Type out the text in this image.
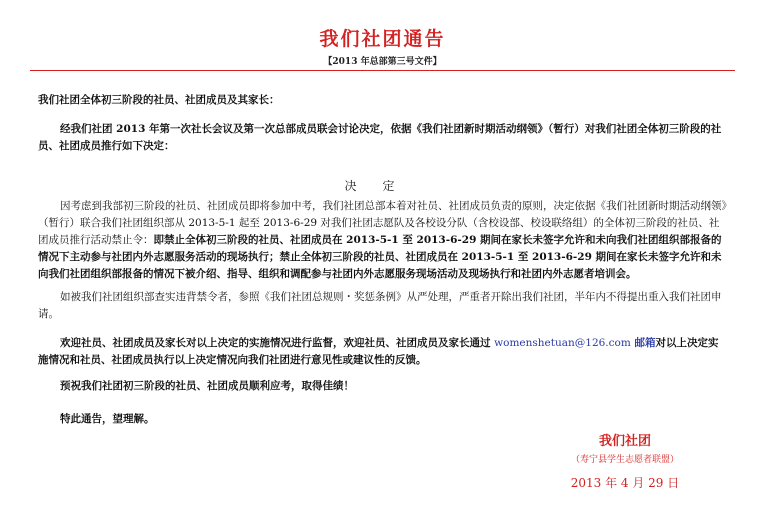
我们社团通告
【2013 年总部第三号文件】
我们社团全体初三阶段的社员、社团成员及其家长：
经我们社团 2013 年第一次社长会议及第一次总部成员联会讨论决定，依据《我们社团新时期活动纲领》（暂行）对我们社团全体初三阶段的社员、社团成员推行如下决定：
决定
因考虑到我部初三阶段的社员、社团成员即将参加中考，我们社团总部本着对社员、社团成员负责的原则，决定依据《我们社团新时期活动纲领》（暂行）联合我们社团组织部从 2013-5-1 起至 2013-6-29 对我们社团志愿队及各校设分队（含校设部、校设联络组）的全体初三阶段的社员、社团成员推行活动禁止令：即禁止全体初三阶段的社员、社团成员在 2013-5-1 至 2013-6-29 期间在家长未签字允许和未向我们社团组织部报备的情况下主动参与社团内外志愿服务活动的现场执行；禁止全体初三阶段的社员、社团成员在 2013-5-1 至 2013-6-29 期间在家长未签字允许和未向我们社团组织部报备的情况下被介绍、指导、组织和调配参与社团内外志愿服务现场活动及现场执行和社团内外志愿者培训会。
如被我们社团组织部查实违背禁令者，参照《我们社团总规则・奖惩条例》从严处理，严重者开除出我们社团，半年内不得提出重入我们社团申请。
欢迎社员、社团成员及家长对以上决定的实施情况进行监督，欢迎社员、社团成员及家长通过 womenshetuan@126.com 邮箱对以上决定实施情况和社员、社团成员执行以上决定情况向我们社团进行意见性或建议性的反馈。
预祝我们社团初三阶段的社员、社团成员顺利应考，取得佳绩！
特此通告，望理解。
我们社团
（寿宁县学生志愿者联盟）
2013 年 4 月 29 日
